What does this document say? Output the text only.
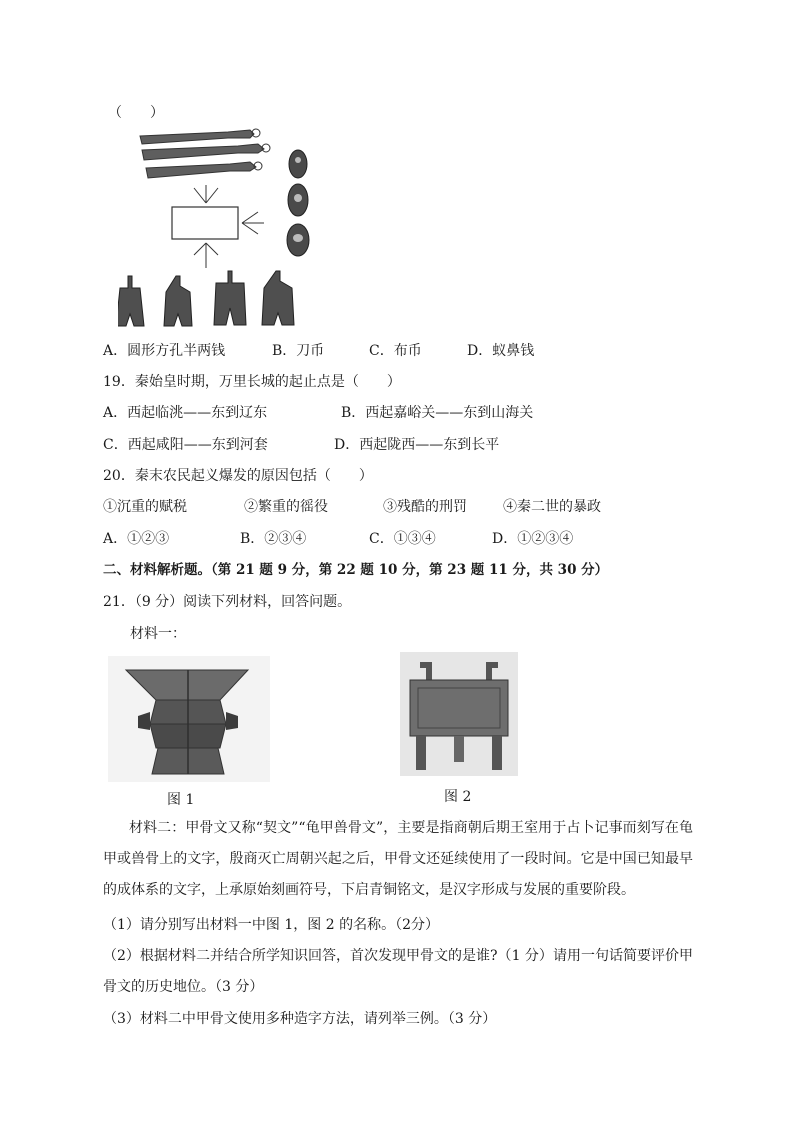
（　　）
A．圆形方孔半两钱	B．刀币	C．布币	D．蚁鼻钱
19．秦始皇时期，万里长城的起止点是（　　）
A．西起临洮——东到辽东	B．西起嘉峪关——东到山海关
C．西起咸阳——东到河套	D．西起陇西——东到长平
20．秦末农民起义爆发的原因包括（　　）
①沉重的赋税	②繁重的徭役	③残酷的刑罚	④秦二世的暴政
A．①②③	B．②③④	C．①③④	D．①②③④
二、材料解析题。（第 21 题 9 分，第 22 题 10 分，第 23 题 11 分，共 30 分）
21．（9 分）阅读下列材料，回答问题。
材料一：
图 1	图 2
材料二：甲骨文又称“契文”“龟甲兽骨文”，主要是指商朝后期王室用于占卜记事而刻写在龟甲或兽骨上的文字，殷商灭亡周朝兴起之后，甲骨文还延续使用了一段时间。它是中国已知最早的成体系的文字，上承原始刻画符号，下启青铜铭文，是汉字形成与发展的重要阶段。
（1）请分别写出材料一中图 1，图 2 的名称。（2分）
（2）根据材料二并结合所学知识回答，首次发现甲骨文的是谁?（1 分）请用一句话简要评价甲骨文的历史地位。（3 分）
（3）材料二中甲骨文使用多种造字方法，请列举三例。（3 分）
